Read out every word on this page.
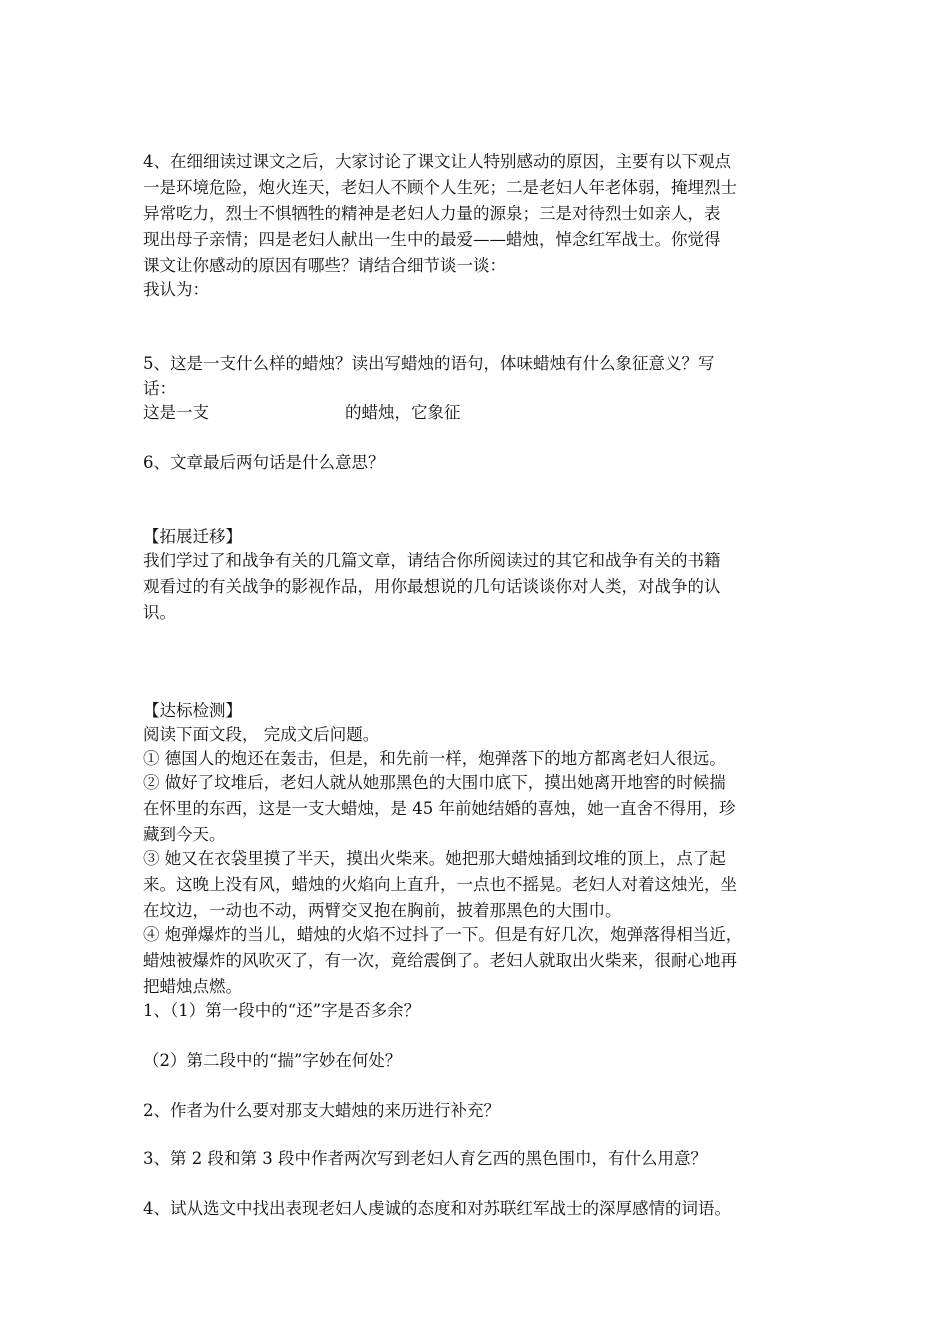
4、在细细读过课文之后，大家讨论了课文让人特别感动的原因，主要有以下观点

一是环境危险，炮火连天，老妇人不顾个人生死；二是老妇人年老体弱，掩埋烈士

异常吃力，烈士不惧牺牲的精神是老妇人力量的源泉；三是对待烈士如亲人，表

现出母子亲情；四是老妇人献出一生中的最爱——蜡烛，悼念红军战士。你觉得

课文让你感动的原因有哪些？请结合细节谈一谈：

我认为：

5、这是一支什么样的蜡烛？读出写蜡烛的语句，体味蜡烛有什么象征意义？写

话：

这是一支	的蜡烛，它象征

6、文章最后两句话是什么意思？

【拓展迁移】

我们学过了和战争有关的几篇文章，请结合你所阅读过的其它和战争有关的书籍

观看过的有关战争的影视作品，用你最想说的几句话谈谈你对人类，对战争的认

识。

【达标检测】

阅读下面文段， 完成文后问题。

① 德国人的炮还在轰击，但是，和先前一样，炮弹落下的地方都离老妇人很远。

② 做好了坟堆后，老妇人就从她那黑色的大围巾底下，摸出她离开地窖的时候揣

在怀里的东西，这是一支大蜡烛，是 45 年前她结婚的喜烛，她一直舍不得用，珍

藏到今天。

③ 她又在衣袋里摸了半天，摸出火柴来。她把那大蜡烛插到坟堆的顶上，点了起

来。这晚上没有风，蜡烛的火焰向上直升，一点也不摇晃。老妇人对着这烛光，坐

在坟边，一动也不动，两臂交叉抱在胸前，披着那黑色的大围巾。

④ 炮弹爆炸的当儿，蜡烛的火焰不过抖了一下。但是有好几次，炮弹落得相当近，

蜡烛被爆炸的风吹灭了，有一次，竟给震倒了。老妇人就取出火柴来，很耐心地再

把蜡烛点燃。

1、（1）第一段中的“还”字是否多余？

（2）第二段中的“揣”字妙在何处？

2、作者为什么要对那支大蜡烛的来历进行补充？

3、第 2 段和第 3 段中作者两次写到老妇人育乞西的黑色围巾，有什么用意？

4、试从选文中找出表现老妇人虔诚的态度和对苏联红军战士的深厚感情的词语。
